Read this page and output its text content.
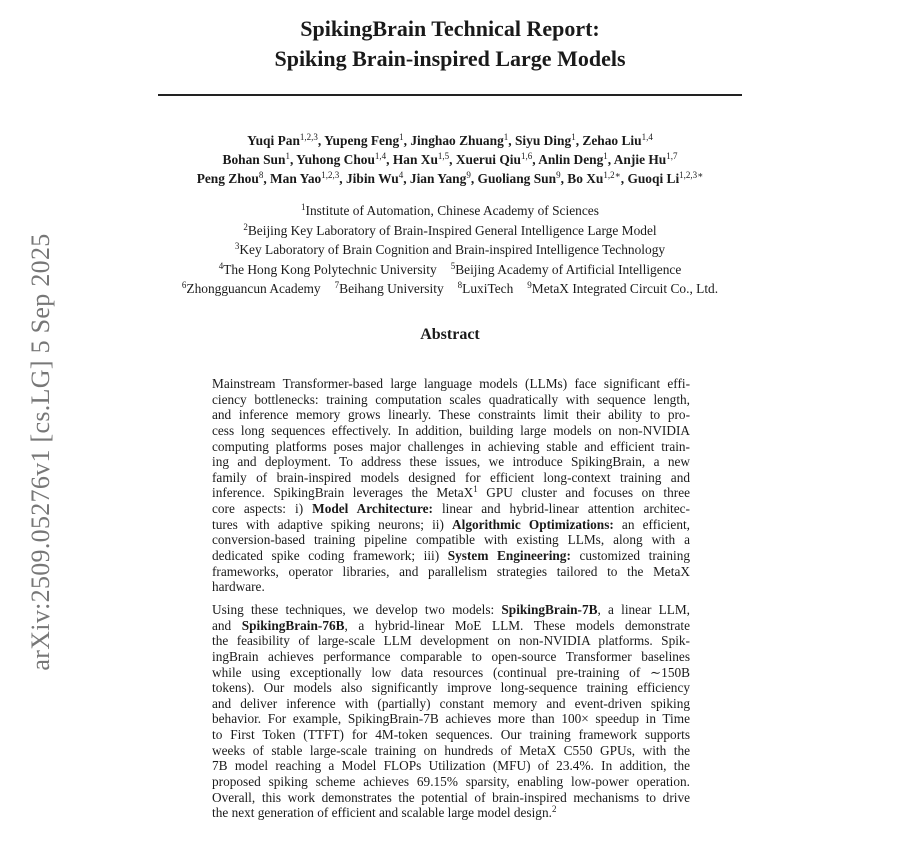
arXiv:2509.05276v1 [cs.LG] 5 Sep 2025
SpikingBrain Technical Report:
Spiking Brain-inspired Large Models
Yuqi Pan$^{1,2,3}$, Yupeng Feng$^1$, Jinghao Zhuang$^1$, Siyu Ding$^1$, Zehao Liu$^{1,4}$
Bohan Sun$^1$, Yuhong Chou$^{1,4}$, Han Xu$^{1,5}$, Xuerui Qiu$^{1,6}$, Anlin Deng$^1$, Anjie Hu$^{1,7}$
Peng Zhou$^8$, Man Yao$^{1,2,3}$, Jibin Wu$^4$, Jian Yang$^9$, Guoliang Sun$^9$, Bo $Xu^{1,2∗}$, Guoqi $Li^{1,2,3∗}$
$^1$Institute of Automation, Chinese Academy of Sciences
$^2$Beijing Key Laboratory of Brain-Inspired General Intelligence Large Model
$^3$Key Laboratory of Brain Cognition and Brain-inspired Intelligence Technology
$^4$The Hong Kong Polytechnic University $^5$Beijing Academy of Artificial Intelligence
$^6$Zhongguancun Academy $^7$Beihang University $^8$LuxiTech $^9$MetaX Integrated Circuit Co., Ltd.
Abstract
Mainstream Transformer-based large language models (LLMs) face significant effi-
ciency bottlenecks: training computation scales quadratically with sequence length,
and inference memory grows linearly. These constraints limit their ability to pro-
cess long sequences effectively. In addition, building large models on non-NVIDIA
computing platforms poses major challenges in achieving stable and efficient train-
ing and deployment. To address these issues, we introduce SpikingBrain, a new
family of brain-inspired models designed for efficient long-context training and
inference. SpikingBrain leverages the MetaX$^1$ GPU cluster and focuses on three
core aspects: i) Model Architecture: linear and hybrid-linear attention architec-
tures with adaptive spiking neurons; ii) Algorithmic Optimizations: an efficient,
conversion-based training pipeline compatible with existing LLMs, along with a
dedicated spike coding framework; iii) System Engineering: customized training
frameworks, operator libraries, and parallelism strategies tailored to the MetaX
hardware.
Using these techniques, we develop two models: SpikingBrain-7B, a linear LLM,
and SpikingBrain-76B, a hybrid-linear MoE LLM. These models demonstrate
the feasibility of large-scale LLM development on non-NVIDIA platforms. Spik-
ingBrain achieves performance comparable to open-source Transformer baselines
while using exceptionally low data resources (continual pre-training of ∼150B
tokens). Our models also significantly improve long-sequence training efficiency
and deliver inference with (partially) constant memory and event-driven spiking
behavior. For example, SpikingBrain-7B achieves more than 100× speedup in Time
to First Token (TTFT) for 4M-token sequences. Our training framework supports
weeks of stable large-scale training on hundreds of MetaX C550 GPUs, with the
7B model reaching a Model FLOPs Utilization (MFU) of 23.4%. In addition, the
proposed spiking scheme achieves 69.15% sparsity, enabling low-power operation.
Overall, this work demonstrates the potential of brain-inspired mechanisms to drive
the next generation of efficient and scalable large model design.$^2$
